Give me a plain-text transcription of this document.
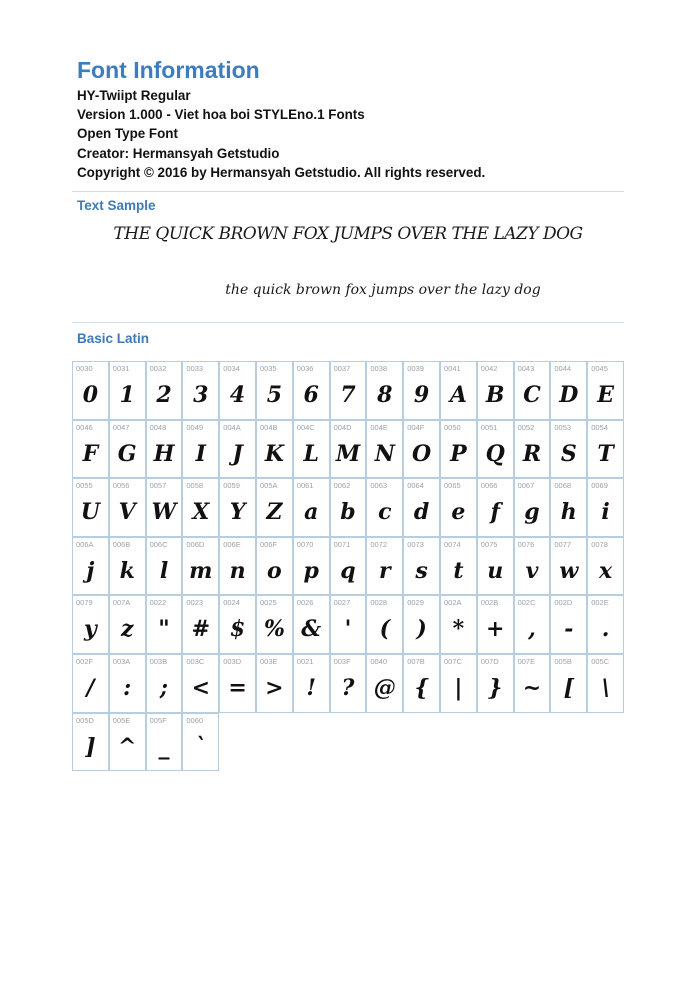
Font Information
HY-Twiipt Regular
Version 1.000 - Viet hoa boi STYLEno.1 Fonts
Open Type Font
Creator: Hermansyah Getstudio
Copyright © 2016 by Hermansyah Getstudio. All rights reserved.
Text Sample
THE QUICK BROWN FOX JUMPS OVER THE LAZY DOG
the quick brown fox jumps over the lazy dog
Basic Latin
0030
0
0031
1
0032
2
0033
3
0034
4
0035
5
0036
6
0037
7
0038
8
0039
9
0041
A
0042
B
0043
C
0044
D
0045
E
0046
F
0047
G
0048
H
0049
I
004A
J
004B
K
004C
L
004D
M
004E
N
004F
O
0050
P
0051
Q
0052
R
0053
S
0054
T
0055
U
0056
V
0057
W
0058
X
0059
Y
005A
Z
0061
a
0062
b
0063
c
0064
d
0065
e
0066
f
0067
g
0068
h
0069
i
006A
j
006B
k
006C
l
006D
m
006E
n
006F
o
0070
p
0071
q
0072
r
0073
s
0074
t
0075
u
0076
v
0077
w
0078
x
0079
y
007A
z
0022
"
0023
#
0024
$
0025
%
0026
&
0027
'
0028
(
0029
)
002A
*
002B
+
002C
,
002D
-
002E
.
002F
/
003A
:
003B
;
003C
<
003D
=
003E
>
0021
!
003F
?
0040
@
007B
{
007C
|
007D
}
007E
~
005B
[
005C
\
005D
]
005E
^
005F
_
0060
`
